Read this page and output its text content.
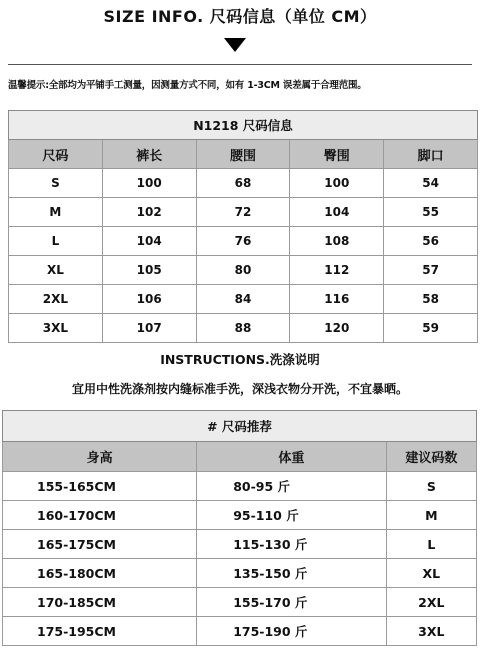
SIZE INFO. 尺码信息（单位 CM）
温馨提示:全部均为平铺手工测量，因测量方式不同，如有 1-3CM 误差属于合理范围。
N1218 尺码信息				
尺码	裤长	腰围	臀围	脚口
S	100	68	100	54
M	102	72	104	55
L	104	76	108	56
XL	105	80	112	57
2XL	106	84	116	58
3XL	107	88	120	59
INSTRUCTIONS.洗涤说明
宜用中性洗涤剂按内缝标准手洗，深浅衣物分开洗，不宜暴晒。
# 尺码推荐		
身高	体重	建议码数
155-165CM	80-95 斤	S
160-170CM	95-110 斤	M
165-175CM	115-130 斤	L
165-180CM	135-150 斤	XL
170-185CM	155-170 斤	2XL
175-195CM	175-190 斤	3XL
